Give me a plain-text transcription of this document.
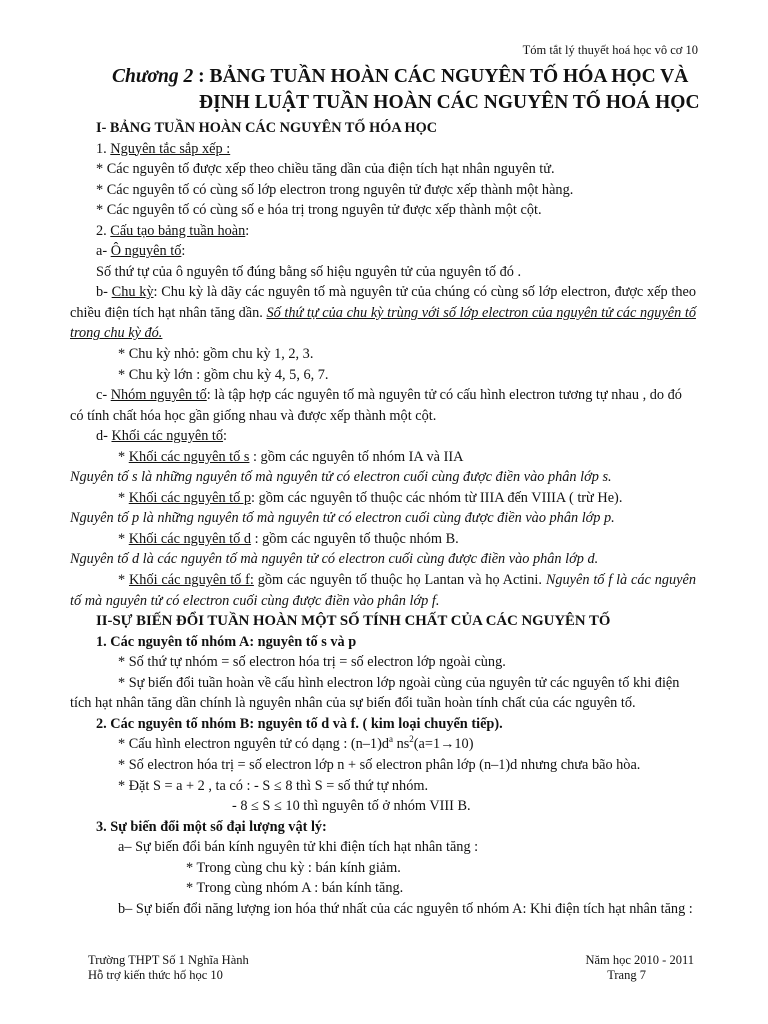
Tóm tắt lý thuyết hoá học vô cơ 10
Chương 2 : BẢNG TUẦN HOÀN CÁC NGUYÊN TỐ HÓA HỌC VÀ
ĐỊNH LUẬT TUẦN HOÀN CÁC NGUYÊN TỐ HOÁ HỌC

I- BẢNG TUẦN HOÀN CÁC NGUYÊN TỐ HÓA HỌC

1. Nguyên tắc sắp xếp :

* Các nguyên tố được xếp theo chiều tăng dần của điện tích hạt nhân nguyên tử.

* Các nguyên tố có cùng số lớp electron trong nguyên tử được xếp thành một hàng.

* Các nguyên tố có cùng số e hóa trị trong nguyên tử được xếp thành một cột.

2. Cấu tạo bảng tuần hoàn:

a- Ô nguyên tố:

Số thứ tự của ô nguyên tố đúng bằng số hiệu nguyên tử của nguyên tố đó .

b- Chu kỳ: Chu kỳ là dãy các nguyên tố mà nguyên tử của chúng có cùng số lớp electron, được xếp theo chiều điện tích hạt nhân tăng dần. Số thứ tự của chu kỳ trùng với số lớp electron của nguyên tử các nguyên tố trong chu kỳ đó.

* Chu kỳ nhỏ: gồm chu kỳ 1, 2, 3.

* Chu kỳ lớn : gồm chu kỳ 4, 5, 6, 7.

c- Nhóm nguyên tố: là tập hợp các nguyên tố mà nguyên tử có cấu hình electron tương tự nhau , do đó có tính chất hóa học gần giống nhau và được xếp thành một cột.

d- Khối các nguyên tố:

* Khối các nguyên tố s : gồm các nguyên tố nhóm IA và IIA

Nguyên tố s là những nguyên tố mà nguyên tử có electron cuối cùng được điền vào phân lớp s.

* Khối các nguyên tố p: gồm các nguyên tố thuộc các nhóm từ IIIA đến VIIIA ( trừ He).

Nguyên tố p là những nguyên tố mà nguyên tử có electron cuối cùng được điền vào phân lớp p.

* Khối các nguyên tố d : gồm các nguyên tố thuộc nhóm B.

Nguyên tố d là các nguyên tố mà nguyên tử có electron cuối cùng được điền vào phân lớp d.

* Khối các nguyên tố f: gồm các nguyên tố thuộc họ Lantan và họ Actini. Nguyên tố f là các nguyên tố mà nguyên tử có electron cuối cùng được điền vào phân lớp f.

II-SỰ BIẾN ĐỔI TUẦN HOÀN MỘT SỐ TÍNH CHẤT CỦA CÁC NGUYÊN TỐ

1. Các nguyên tố nhóm A: nguyên tố s và p

* Số thứ tự nhóm = số electron hóa trị = số electron lớp ngoài cùng.

* Sự biến đổi tuần hoàn về cấu hình electron lớp ngoài cùng của nguyên tử các nguyên tố khi điện tích hạt nhân tăng dần chính là nguyên nhân của sự biến đổi tuần hoàn tính chất của các nguyên tố.

2. Các nguyên tố nhóm B: nguyên tố d và f. ( kim loại chuyển tiếp).

* Cấu hình electron nguyên tử có dạng : $(n-1)d^a$ $ns^2(a=1\to 10)$

* Số electron hóa trị = số electron lớp n + số electron phân lớp (n–1)d nhưng chưa bão hòa.

* Đặt S = a + 2 , ta có : - S ≤ 8 thì S = số thứ tự nhóm.

- 8 ≤ S ≤ 10 thì nguyên tố ở nhóm VIII B.

3. Sự biến đổi một số đại lượng vật lý:

a– Sự biến đổi bán kính nguyên tử khi điện tích hạt nhân tăng :

* Trong cùng chu kỳ : bán kính giảm.

* Trong cùng nhóm A : bán kính tăng.

b– Sự biến đổi năng lượng ion hóa thứ nhất của các nguyên tố nhóm A: Khi điện tích hạt nhân tăng :

Trường THPT Số 1 Nghĩa Hành
Hỗ trợ kiến thức hố học 10
Năm học 2010 - 2011
Trang 7
